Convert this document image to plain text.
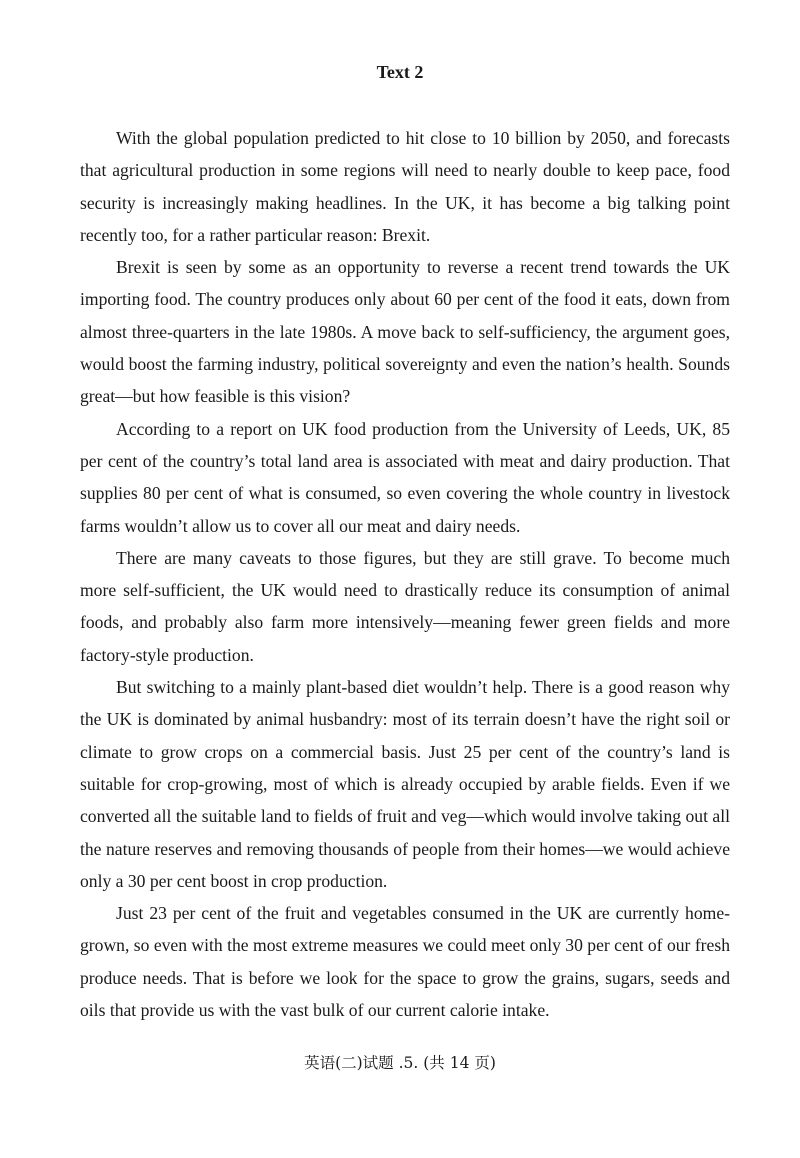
Text 2

With the global population predicted to hit close to 10 billion by 2050, and forecasts that agricultural production in some regions will need to nearly double to keep pace, food security is increasingly making headlines. In the UK, it has become a big talking point recently too, for a rather particular reason: Brexit.

Brexit is seen by some as an opportunity to reverse a recent trend towards the UK importing food. The country produces only about 60 per cent of the food it eats, down from almost three-quarters in the late 1980s. A move back to self-sufficiency, the argument goes, would boost the farming industry, political sovereignty and even the nation’s health. Sounds great—but how feasible is this vision?

According to a report on UK food production from the University of Leeds, UK, 85 per cent of the country’s total land area is associated with meat and dairy production. That supplies 80 per cent of what is consumed, so even covering the whole country in livestock farms wouldn’t allow us to cover all our meat and dairy needs.

There are many caveats to those figures, but they are still grave. To become much more self-sufficient, the UK would need to drastically reduce its consumption of animal foods, and probably also farm more intensively—meaning fewer green fields and more factory-style production.

But switching to a mainly plant-based diet wouldn’t help. There is a good reason why the UK is dominated by animal husbandry: most of its terrain doesn’t have the right soil or climate to grow crops on a commercial basis. Just 25 per cent of the country’s land is suitable for crop-growing, most of which is already occupied by arable fields. Even if we converted all the suitable land to fields of fruit and veg—which would involve taking out all the nature reserves and removing thousands of people from their homes—we would achieve only a 30 per cent boost in crop production.

Just 23 per cent of the fruit and vegetables consumed in the UK are currently home-grown, so even with the most extreme measures we could meet only 30 per cent of our fresh produce needs. That is before we look for the space to grow the grains, sugars, seeds and oils that provide us with the vast bulk of our current calorie intake.

英语(二)试题 .5. (共 14 页)
